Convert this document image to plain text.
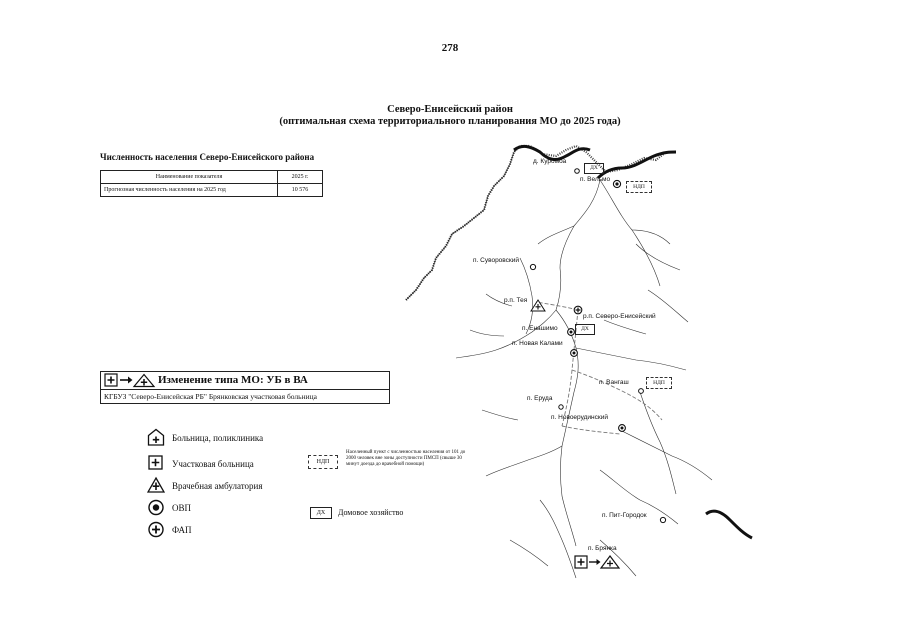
278
Северо-Енисейский район
(оптимальная схема территориального планирования МО до 2025 года)
Численность населения Северо-Енисейского района
Наименование показателя	2025 г.
Прогнозная численность населения на 2025 год	10 576
Изменение типа МО: УБ в ВА
КГБУЗ "Северо-Енисейская РБ" Брянковская участковая больница
Больница, поликлиника
Участковая больница
Врачебная амбулатория
ОВП
ФАП
НДП
Населенный пункт с численностью населения от 101 до 2000 человек вне зоны доступности ПМСП (свыше 30 минут доезда до врачебной помощи)
ДХ	Домовое хозяйство
д. Куромба
п. Вельмо
п. Суворовский
р.п. Тея
р.п. Северо-Енисейский
п. Енашимо
п. Новая Калами
п. Вангаш
п. Еруда
п. Новоерудинский
п. Пит-Городок
п. Брянка
ДХ
НДП
ДХ
НДП
